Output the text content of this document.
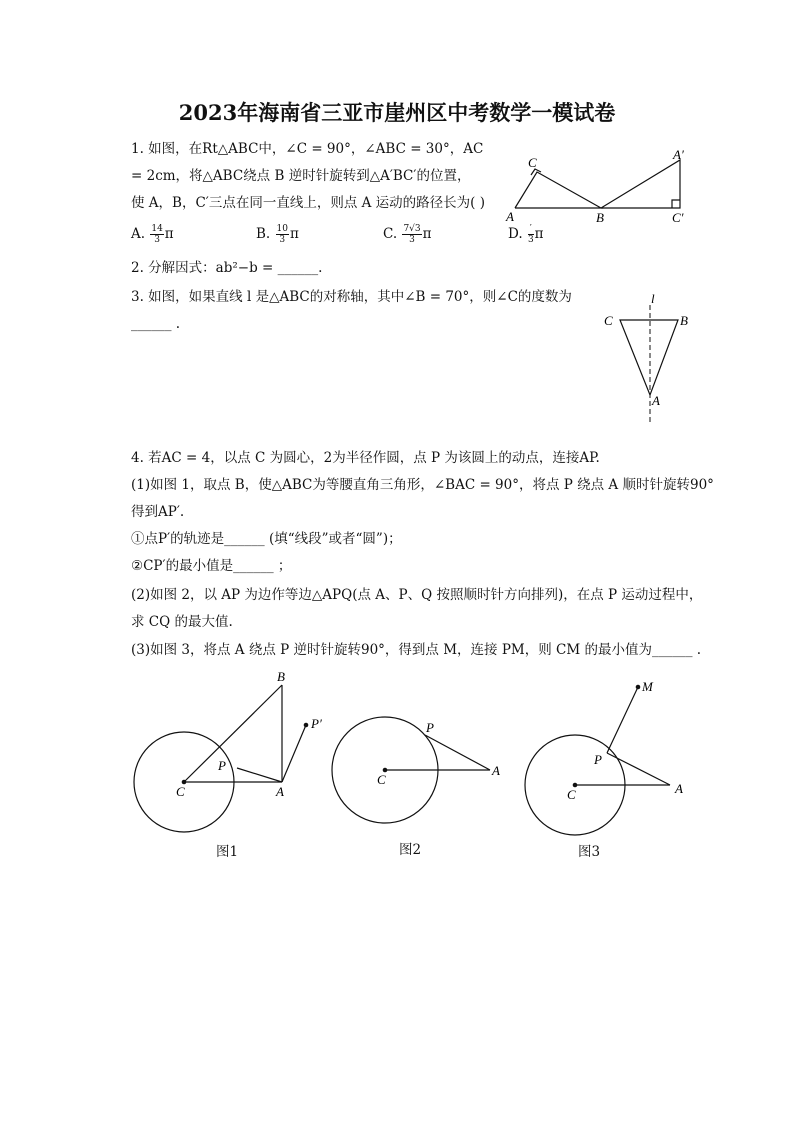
2023年海南省三亚市崖州区中考数学一模试卷
1. 如图，在Rt△ABC中，∠C = 90°，∠ABC = 30°，AC
= 2cm，将△ABC绕点 B 逆时针旋转到△A′BC′的位置，
使 A，B，C′三点在同一直线上，则点 A 运动的路径长为( )
A. $\frac{14}{3}$ π	B. $\frac{10}{3}$ π	C. $\frac{7√3}{3}$ π	D. $\frac{'}{3}$ π
C
A	B
A′
C′
2. 分解因式：ab²−b = ______.
3. 如图，如果直线 l 是△ABC的对称轴，其中∠B = 70°，则∠C的度数为
______ .
l
C	B
A
4. 若AC = 4，以点 C 为圆心，2为半径作圆，点 P 为该圆上的动点，连接AP.
(1)如图 1，取点 B，使△ABC为等腰直角三角形，∠BAC = 90°，将点 P 绕点 A 顺时针旋转90°
得到AP′.
①点P′的轨迹是______ (填“线段”或者“圆”)；
②CP′的最小值是______ ；
(2)如图 2，以 AP 为边作等边△APQ(点 A、P、Q 按照顺时针方向排列)，在点 P 运动过程中，
求 CQ 的最大值.
(3)如图 3，将点 A 绕点 P 逆时针旋转90°，得到点 M，连接 PM，则 CM 的最小值为______ .
B
P′
P
C	A
图1
P
C
A
图2
M
P
C	A
图3
